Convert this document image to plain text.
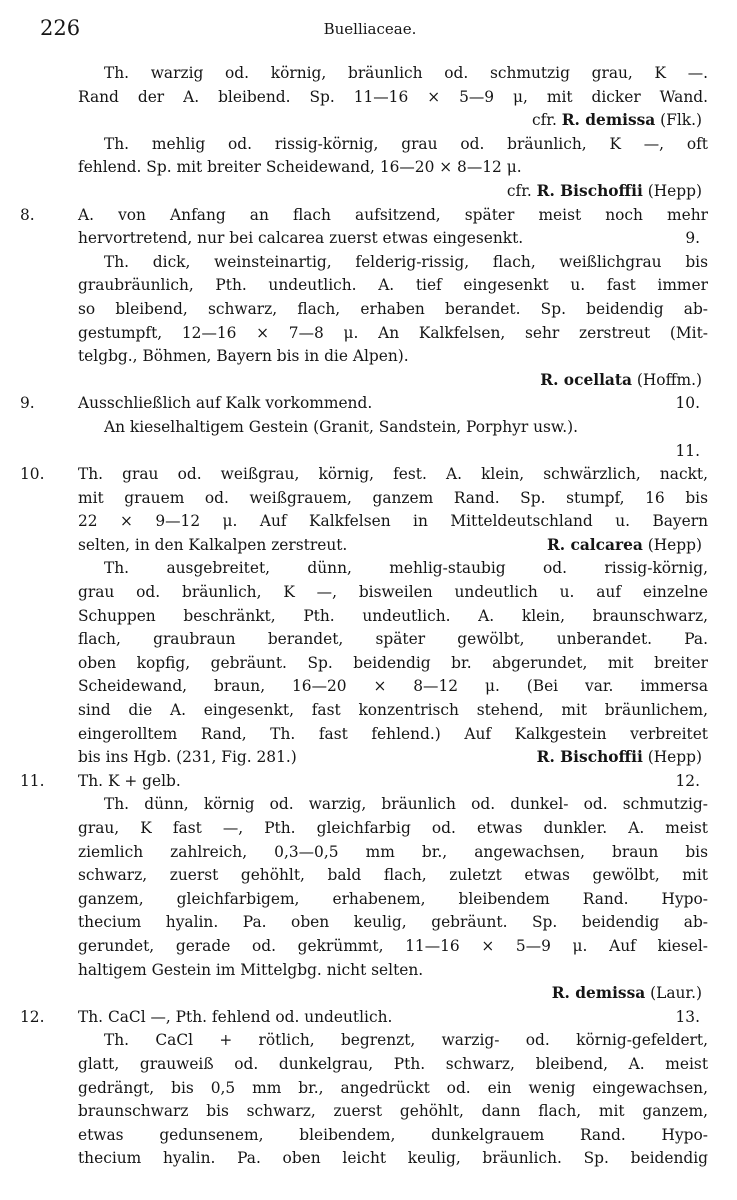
226	Buelliaceae.
Th. warzig od. körnig, bräunlich od. schmutzig grau, K —.
Rand der A. bleibend. Sp. 11—16 × 5—9 μ, mit dicker Wand.
cfr. R. demissa (Flk.)
Th. mehlig od. rissig-körnig, grau od. bräunlich, K —, oft
fehlend. Sp. mit breiter Scheidewand, 16—20 × 8—12 μ.
cfr. R. Bischoffii (Hepp)
8.	A. von Anfang an flach aufsitzend, später meist noch mehr
hervortretend, nur bei calcarea zuerst etwas eingesenkt.	9.
Th. dick, weinsteinartig, felderig-rissig, flach, weißlichgrau bis
graubräunlich, Pth. undeutlich. A. tief eingesenkt u. fast immer
so bleibend, schwarz, flach, erhaben berandet. Sp. beidendig ab-
gestumpft, 12—16 × 7—8 μ. An Kalkfelsen, sehr zerstreut (Mit-
telgbg., Böhmen, Bayern bis in die Alpen).
R. ocellata (Hoffm.)
9.	Ausschließlich auf Kalk vorkommend.	10.
An kieselhaltigem Gestein (Granit, Sandstein, Porphyr usw.).
11.
10. Th. grau od. weißgrau, körnig, fest. A. klein, schwärzlich, nackt,
mit grauem od. weißgrauem, ganzem Rand. Sp. stumpf, 16 bis
22 × 9—12 μ. Auf Kalkfelsen in Mitteldeutschland u. Bayern
selten, in den Kalkalpen zerstreut.	R. calcarea (Hepp)
Th. ausgebreitet, dünn, mehlig-staubig od. rissig-körnig,
grau od. bräunlich, K —, bisweilen undeutlich u. auf einzelne
Schuppen beschränkt, Pth. undeutlich. A. klein, braunschwarz,
flach, graubraun berandet, später gewölbt, unberandet. Pa.
oben kopfig, gebräunt. Sp. beidendig br. abgerundet, mit breiter
Scheidewand, braun, 16—20 × 8—12 μ. (Bei var. immersa
sind die A. eingesenkt, fast konzentrisch stehend, mit bräunlichem,
eingerolltem Rand, Th. fast fehlend.) Auf Kalkgestein verbreitet
bis ins Hgb. (231, Fig. 281.)	R. Bischoffii (Hepp)
11. Th. K + gelb.	12.
Th. dünn, körnig od. warzig, bräunlich od. dunkel- od. schmutzig-
grau, K fast —, Pth. gleichfarbig od. etwas dunkler. A. meist
ziemlich zahlreich, 0,3—0,5 mm br., angewachsen, braun bis
schwarz, zuerst gehöhlt, bald flach, zuletzt etwas gewölbt, mit
ganzem, gleichfarbigem, erhabenem, bleibendem Rand. Hypo-
thecium hyalin. Pa. oben keulig, gebräunt. Sp. beidendig ab-
gerundet, gerade od. gekrümmt, 11—16 × 5—9 μ. Auf kiesel-
haltigem Gestein im Mittelgbg. nicht selten.
R. demissa (Laur.)
12. Th. CaCl —, Pth. fehlend od. undeutlich.	13.
Th. CaCl + rötlich, begrenzt, warzig- od. körnig-gefeldert,
glatt, grauweiß od. dunkelgrau, Pth. schwarz, bleibend, A. meist
gedrängt, bis 0,5 mm br., angedrückt od. ein wenig eingewachsen,
braunschwarz bis schwarz, zuerst gehöhlt, dann flach, mit ganzem,
etwas gedunsenem, bleibendem, dunkelgrauem Rand. Hypo-
thecium hyalin. Pa. oben leicht keulig, bräunlich. Sp. beidendig
